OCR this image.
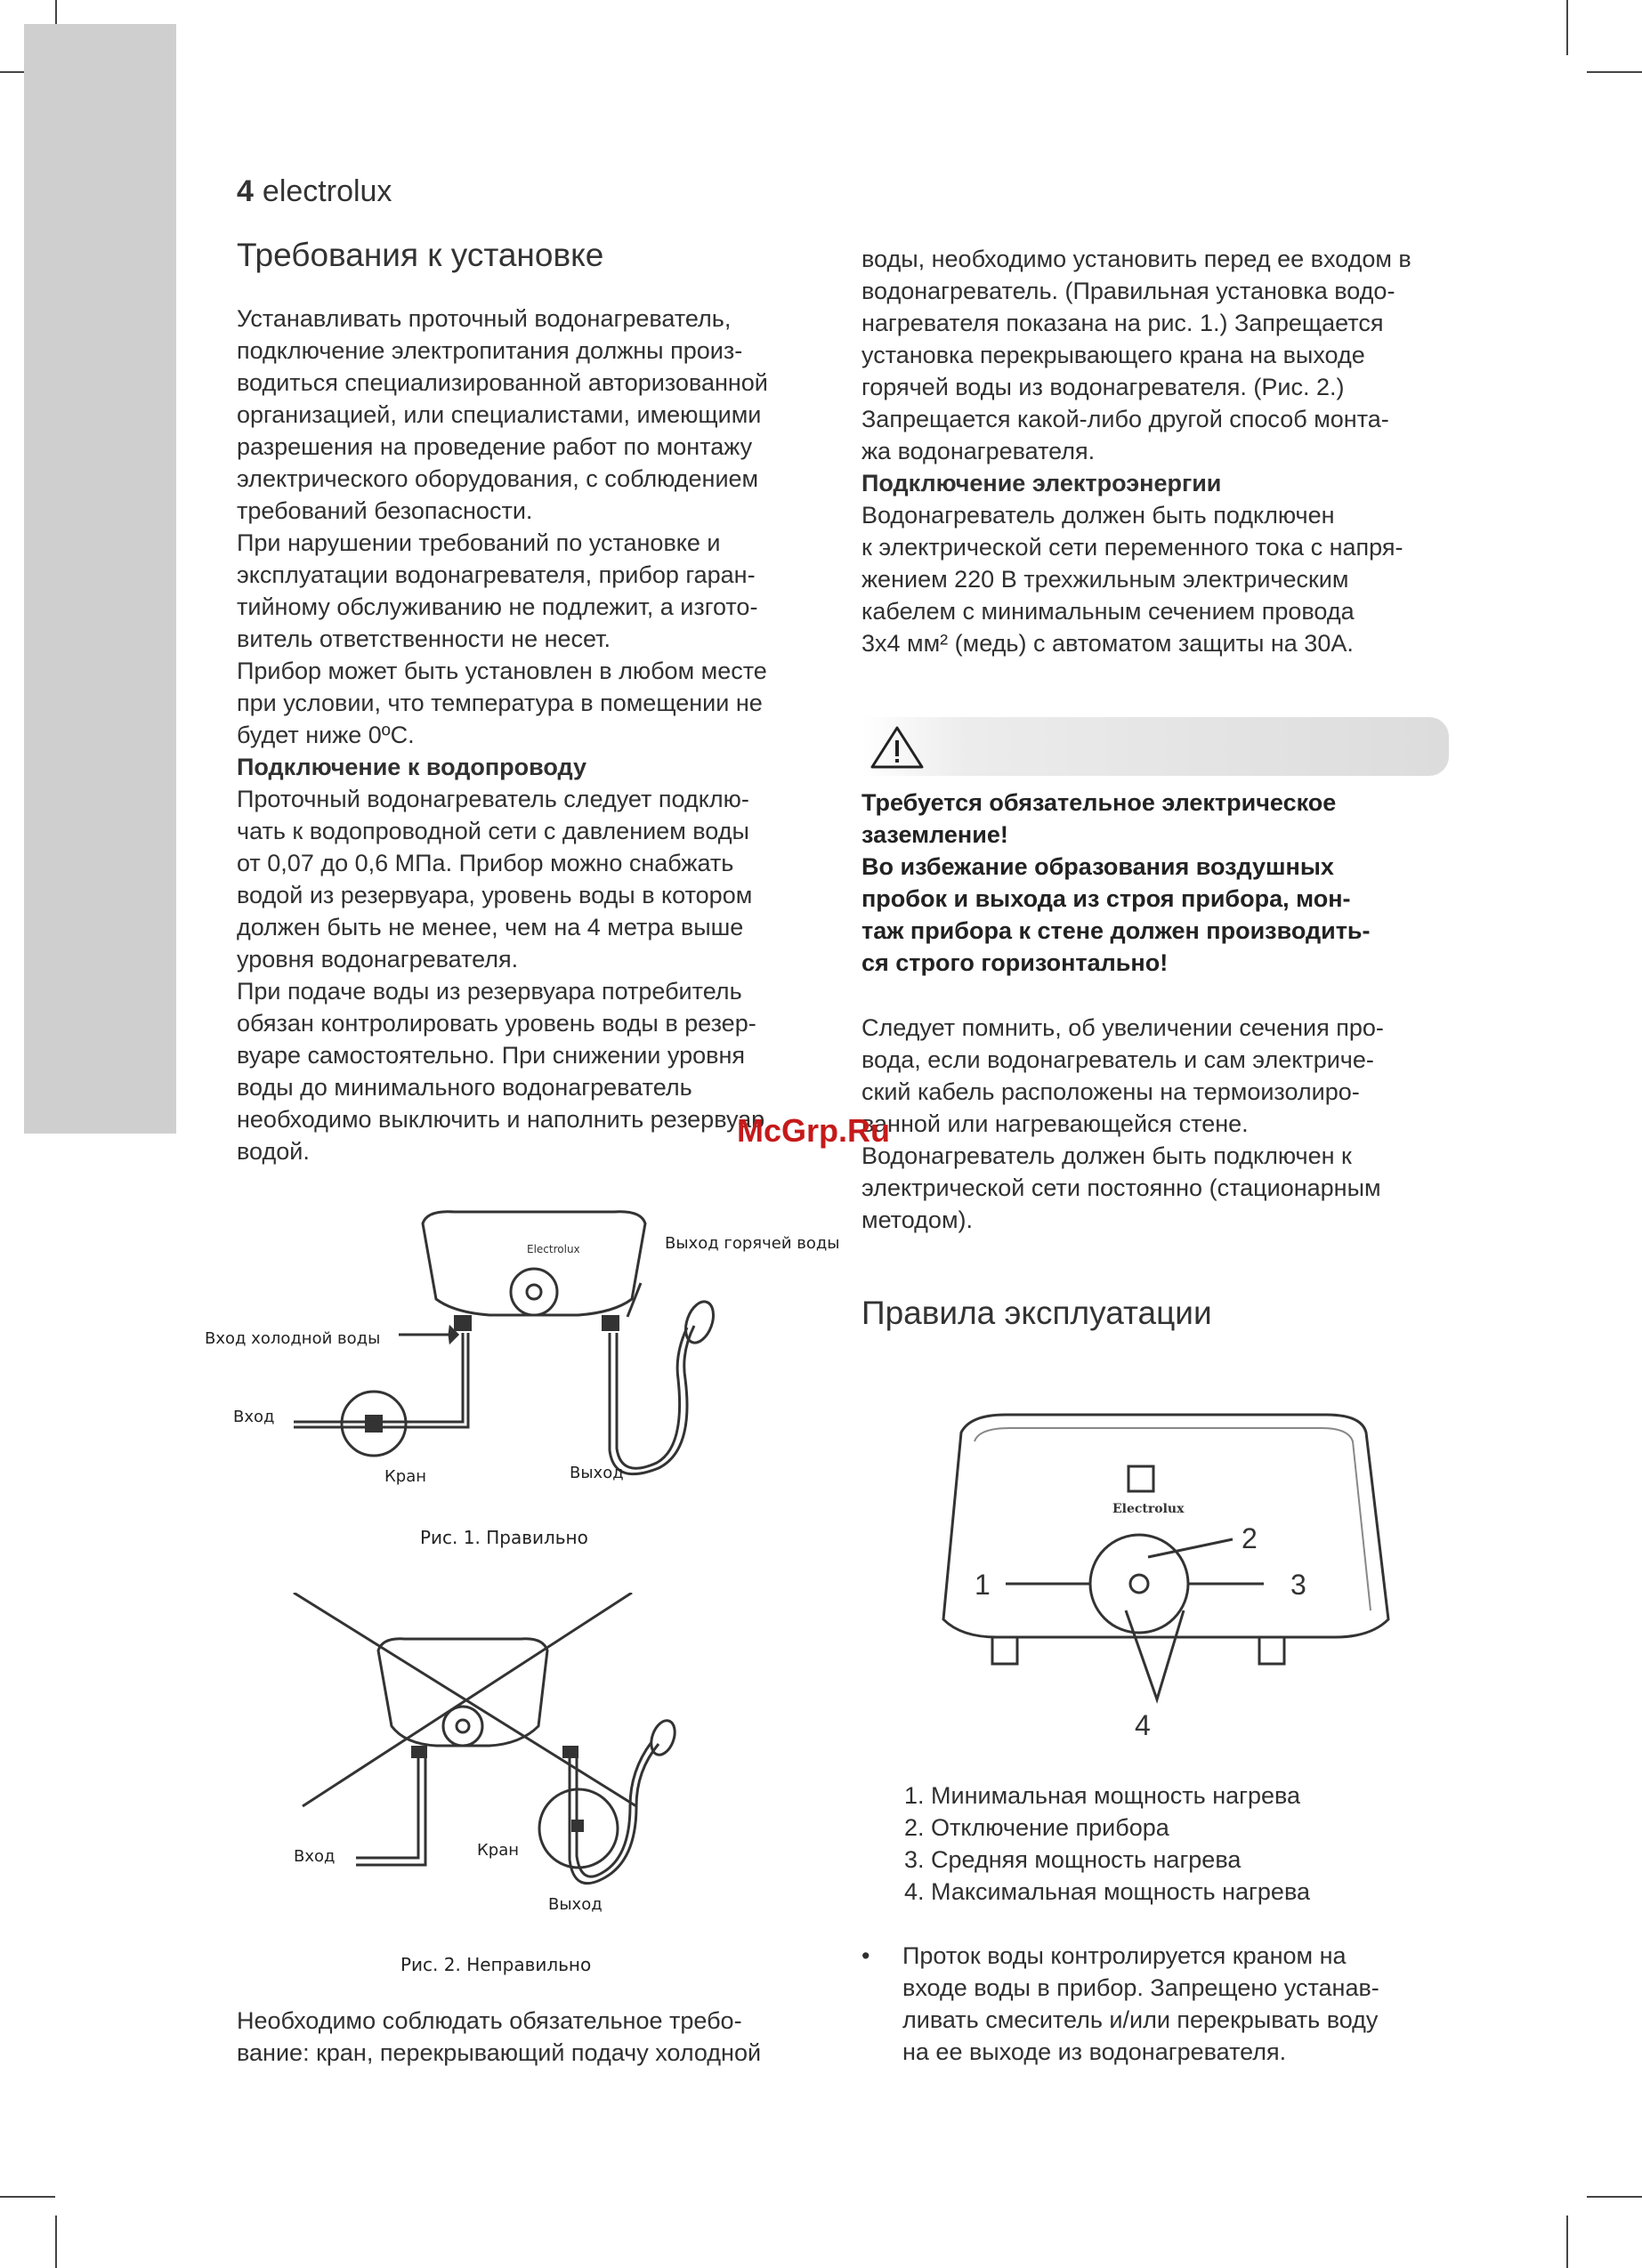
4 electrolux
Требования к установке

Устанавливать проточный водонагреватель,

подключение электропитания должны произ-

водиться специализированной авторизованной

организацией, или специалистами, имеющими

разрешения на проведение работ по монтажу

электрического оборудования, с соблюдением

требований безопасности.

При нарушении требований по установке и

эксплуатации водонагревателя, прибор гаран-

тийному обслуживанию не подлежит, а изгото-

витель ответственности не несет.

Прибор может быть установлен в любом месте

при условии, что температура в помещении не

будет ниже 0ºС.

Подключение к водопроводу

Проточный водонагреватель следует подклю-

чать к водопроводной сети с давлением воды

от 0,07 до 0,6 МПа. Прибор можно снабжать

водой из резервуара, уровень воды в котором

должен быть не менее, чем на 4 метра выше

уровня водонагревателя.

При подаче воды из резервуара потребитель

обязан контролировать уровень воды в резер-

вуаре самостоятельно. При снижении уровня

воды до минимального водонагреватель

необходимо выключить и наполнить резервуар

водой.

Electrolux	Выход горячей воды
Вход холодной воды
Вход
Кран	Выход
Рис. 1. Правильно
Вход	Кран
Выход
Рис. 2. Неправильно

Необходимо соблюдать обязательное требо-

вание: кран, перекрывающий подачу холодной

воды, необходимо установить перед ее входом в

водонагреватель. (Правильная установка водо-

нагревателя показана на рис. 1.) Запрещается

установка перекрывающего крана на выходе

горячей воды из водонагревателя. (Рис. 2.)

Запрещается какой-либо другой способ монта-

жа водонагревателя.

Подключение электроэнергии

Водонагреватель должен быть подключен

к электрической сети переменного тока с напря-

жением 220 В трехжильным электрическим

кабелем с минимальным сечением провода

3х4 мм² (медь) с автоматом защиты на 30А.

Требуется обязательное электрическое

заземление!

Во избежание образования воздушных

пробок и выхода из строя прибора, мон-

таж прибора к стене должен производить-

ся строго горизонтально!

Следует помнить, об увеличении сечения про-

вода, если водонагреватель и сам электриче-

ский кабель расположены на термоизолиро-

ванной или нагревающейся стене.

Водонагреватель должен быть подключен к

электрической сети постоянно (стационарным

методом).

Правила эксплуатации
Electrolux
1
2
3
4
1. Минимальная мощность нагрева
2. Отключение прибора
3. Средняя мощность нагрева
4. Максимальная мощность нагрева
• Проток воды контролируется краном на

входе воды в прибор. Запрещено устанав-

ливать смеситель и/или перекрывать воду

на ее выходе из водонагревателя.

McGrp.Ru
